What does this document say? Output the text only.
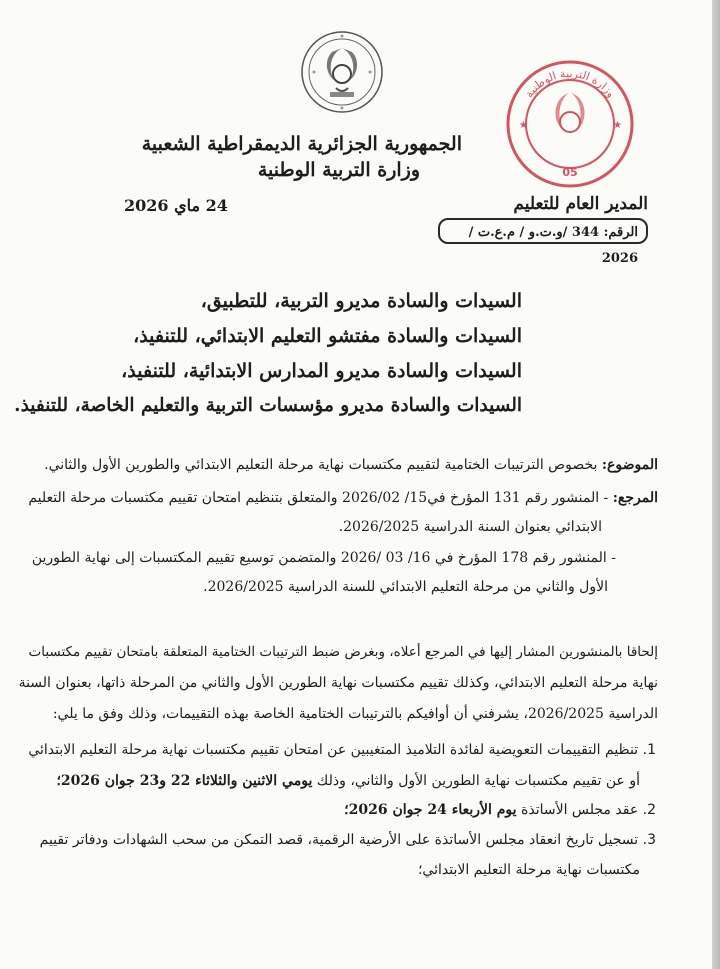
وزارة التربية الوطنية
05
★	★
الجمهورية الجزائرية الديمقراطية الشعبية
وزارة التربية الوطنية
24 ماي 2026	المدير العام للتعليم
الرقم: 344 /و.ت.و / م.ع.ت / 2026
السيدات والسادة مديرو التربية، للتطبيق،
السيدات والسادة مفتشو التعليم الابتدائي، للتنفيذ،
السيدات والسادة مديرو المدارس الابتدائية، للتنفيذ،
السيدات والسادة مديرو مؤسسات التربية والتعليم الخاصة، للتنفيذ.
الموضوع: بخصوص الترتيبات الختامية لتقييم مكتسبات نهاية مرحلة التعليم الابتدائي والطورين الأول والثاني.
المرجع: - المنشور رقم 131 المؤرخ في15/ 2026/02 والمتعلق بتنظيم امتحان تقييم مكتسبات مرحلة التعليم
الابتدائي بعنوان السنة الدراسية 2026/2025.
- المنشور رقم 178 المؤرخ في 16/ 03 /2026 والمتضمن توسيع تقييم المكتسبات إلى نهاية الطورين
الأول والثاني من مرحلة التعليم الابتدائي للسنة الدراسية 2026/2025.
إلحاقا بالمنشورين المشار إليها في المرجع أعلاه، وبغرض ضبط الترتيبات الختامية المتعلقة بامتحان تقييم مكتسبات
نهاية مرحلة التعليم الابتدائي، وكذلك تقييم مكتسبات نهاية الطورين الأول والثاني من المرحلة ذاتها، بعنوان السنة
الدراسية 2026/2025، يشرفني أن أوافيكم بالترتيبات الختامية الخاصة بهذه التقييمات، وذلك وفق ما يلي:
1. تنظيم التقييمات التعويضية لفائدة التلاميذ المتغيبين عن امتحان تقييم مكتسبات نهاية مرحلة التعليم الابتدائي
أو عن تقييم مكتسبات نهاية الطورين الأول والثاني، وذلك يومي الاثنين والثلاثاء 22 و23 جوان 2026؛
2. عقد مجلس الأساتذة يوم الأربعاء 24 جوان 2026؛
3. تسجيل تاريخ انعقاد مجلس الأساتذة على الأرضية الرقمية، قصد التمكن من سحب الشهادات ودفاتر تقييم
مكتسبات نهاية مرحلة التعليم الابتدائي؛
